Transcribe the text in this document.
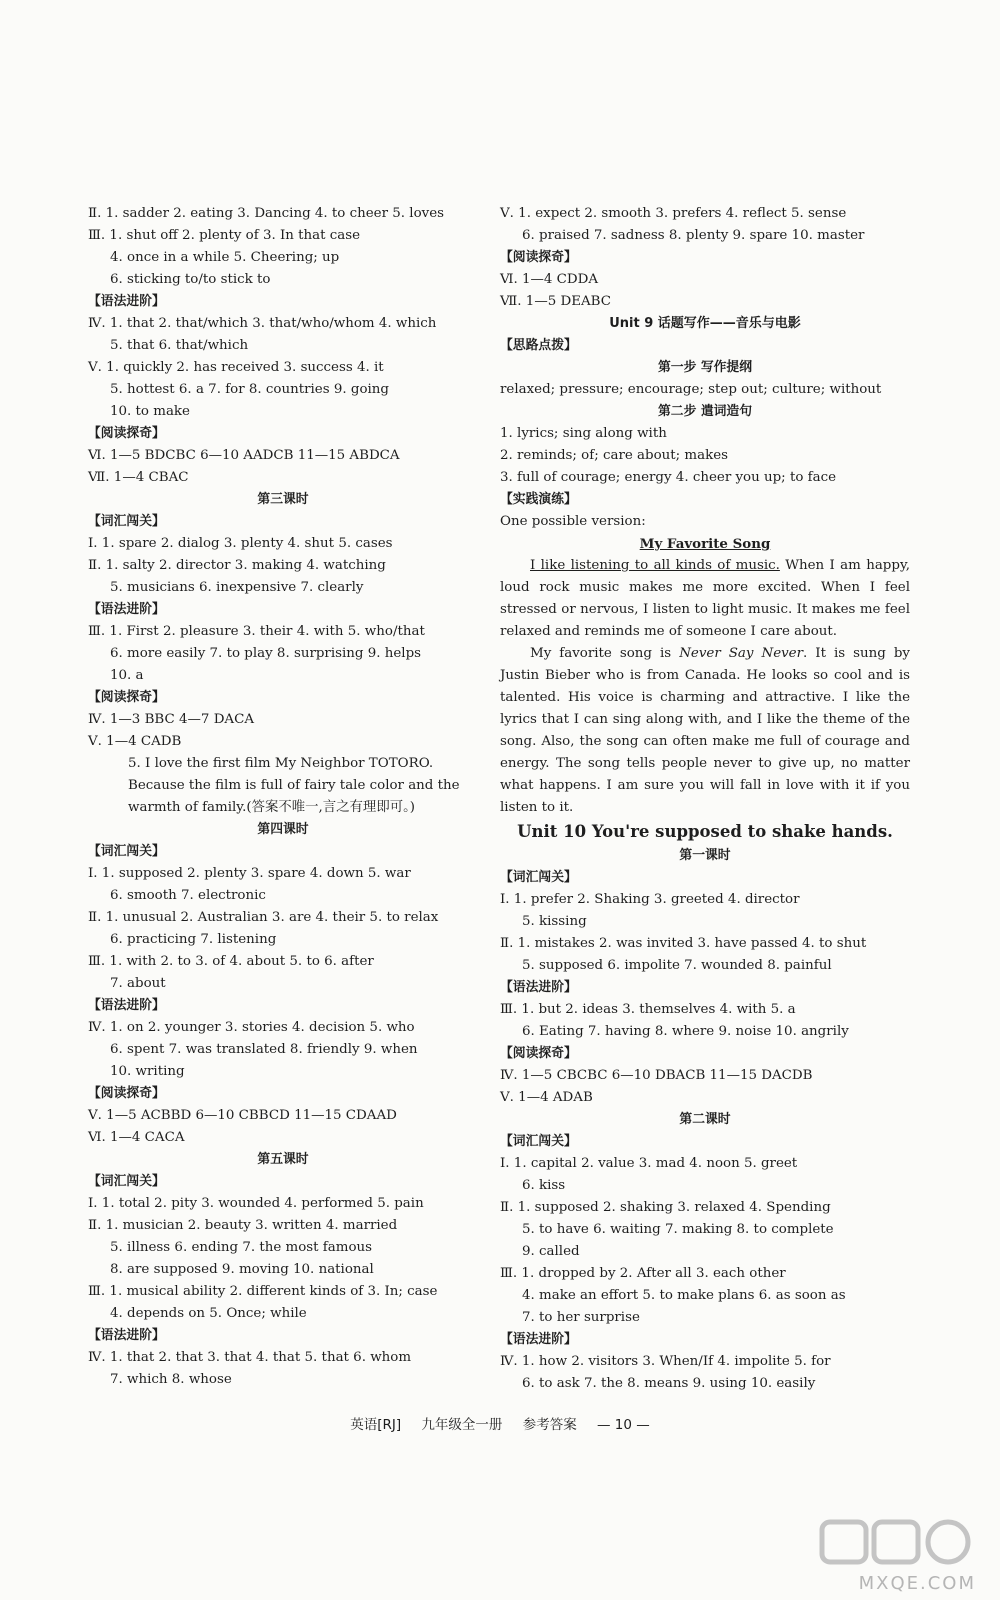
Ⅱ. 1. sadder 2. eating 3. Dancing 4. to cheer 5. loves
Ⅲ. 1. shut off 2. plenty of 3. In that case
4. once in a while 5. Cheering; up
6. sticking to/to stick to
【语法进阶】
Ⅳ. 1. that 2. that/which 3. that/who/whom 4. which
5. that 6. that/which
Ⅴ. 1. quickly 2. has received 3. success 4. it
5. hottest 6. a 7. for 8. countries 9. going
10. to make
【阅读探奇】
Ⅵ. 1—5 BDCBC 6—10 AADCB 11—15 ABDCA
Ⅶ. 1—4 CBAC
第三课时
【词汇闯关】
Ⅰ. 1. spare 2. dialog 3. plenty 4. shut 5. cases
Ⅱ. 1. salty 2. director 3. making 4. watching
5. musicians 6. inexpensive 7. clearly
【语法进阶】
Ⅲ. 1. First 2. pleasure 3. their 4. with 5. who/that
6. more easily 7. to play 8. surprising 9. helps
10. a
【阅读探奇】
Ⅳ. 1—3 BBC 4—7 DACA
Ⅴ. 1—4 CADB
5. I love the first film My Neighbor TOTORO. Because the film is full of fairy tale color and the warmth of family.(答案不唯一,言之有理即可。)
第四课时
【词汇闯关】
Ⅰ. 1. supposed 2. plenty 3. spare 4. down 5. war
6. smooth 7. electronic
Ⅱ. 1. unusual 2. Australian 3. are 4. their 5. to relax
6. practicing 7. listening
Ⅲ. 1. with 2. to 3. of 4. about 5. to 6. after
7. about
【语法进阶】
Ⅳ. 1. on 2. younger 3. stories 4. decision 5. who
6. spent 7. was translated 8. friendly 9. when
10. writing
【阅读探奇】
Ⅴ. 1—5 ACBBD 6—10 CBBCD 11—15 CDAAD
Ⅵ. 1—4 CACA
第五课时
【词汇闯关】
Ⅰ. 1. total 2. pity 3. wounded 4. performed 5. pain
Ⅱ. 1. musician 2. beauty 3. written 4. married
5. illness 6. ending 7. the most famous
8. are supposed 9. moving 10. national
Ⅲ. 1. musical ability 2. different kinds of 3. In; case
4. depends on 5. Once; while
【语法进阶】
Ⅳ. 1. that 2. that 3. that 4. that 5. that 6. whom
7. which 8. whose
Ⅴ. 1. expect 2. smooth 3. prefers 4. reflect 5. sense
6. praised 7. sadness 8. plenty 9. spare 10. master
【阅读探奇】
Ⅵ. 1—4 CDDA
Ⅶ. 1—5 DEABC
Unit 9 话题写作——音乐与电影
【思路点拨】
第一步 写作提纲
relaxed; pressure; encourage; step out; culture; without
第二步 遣词造句
1. lyrics; sing along with
2. reminds; of; care about; makes
3. full of courage; energy 4. cheer you up; to face
【实践演练】
One possible version:
My Favorite Song
I like listening to all kinds of music. When I am happy, loud rock music makes me more excited. When I feel stressed or nervous, I listen to light music. It makes me feel relaxed and reminds me of someone I care about.
My favorite song is Never Say Never. It is sung by Justin Bieber who is from Canada. He looks so cool and is talented. His voice is charming and attractive. I like the lyrics that I can sing along with, and I like the theme of the song. Also, the song can often make me full of courage and energy. The song tells people never to give up, no matter what happens. I am sure you will fall in love with it if you listen to it.
Unit 10 You're supposed to shake hands.
第一课时
【词汇闯关】
Ⅰ. 1. prefer 2. Shaking 3. greeted 4. director
5. kissing
Ⅱ. 1. mistakes 2. was invited 3. have passed 4. to shut
5. supposed 6. impolite 7. wounded 8. painful
【语法进阶】
Ⅲ. 1. but 2. ideas 3. themselves 4. with 5. a
6. Eating 7. having 8. where 9. noise 10. angrily
【阅读探奇】
Ⅳ. 1—5 CBCBC 6—10 DBACB 11—15 DACDB
Ⅴ. 1—4 ADAB
第二课时
【词汇闯关】
Ⅰ. 1. capital 2. value 3. mad 4. noon 5. greet
6. kiss
Ⅱ. 1. supposed 2. shaking 3. relaxed 4. Spending
5. to have 6. waiting 7. making 8. to complete
9. called
Ⅲ. 1. dropped by 2. After all 3. each other
4. make an effort 5. to make plans 6. as soon as
7. to her surprise
【语法进阶】
Ⅳ. 1. how 2. visitors 3. When/If 4. impolite 5. for
6. to ask 7. the 8. means 9. using 10. easily
英语[RJ] 九年级全一册 参考答案 — 10 —
MXQE.COM
